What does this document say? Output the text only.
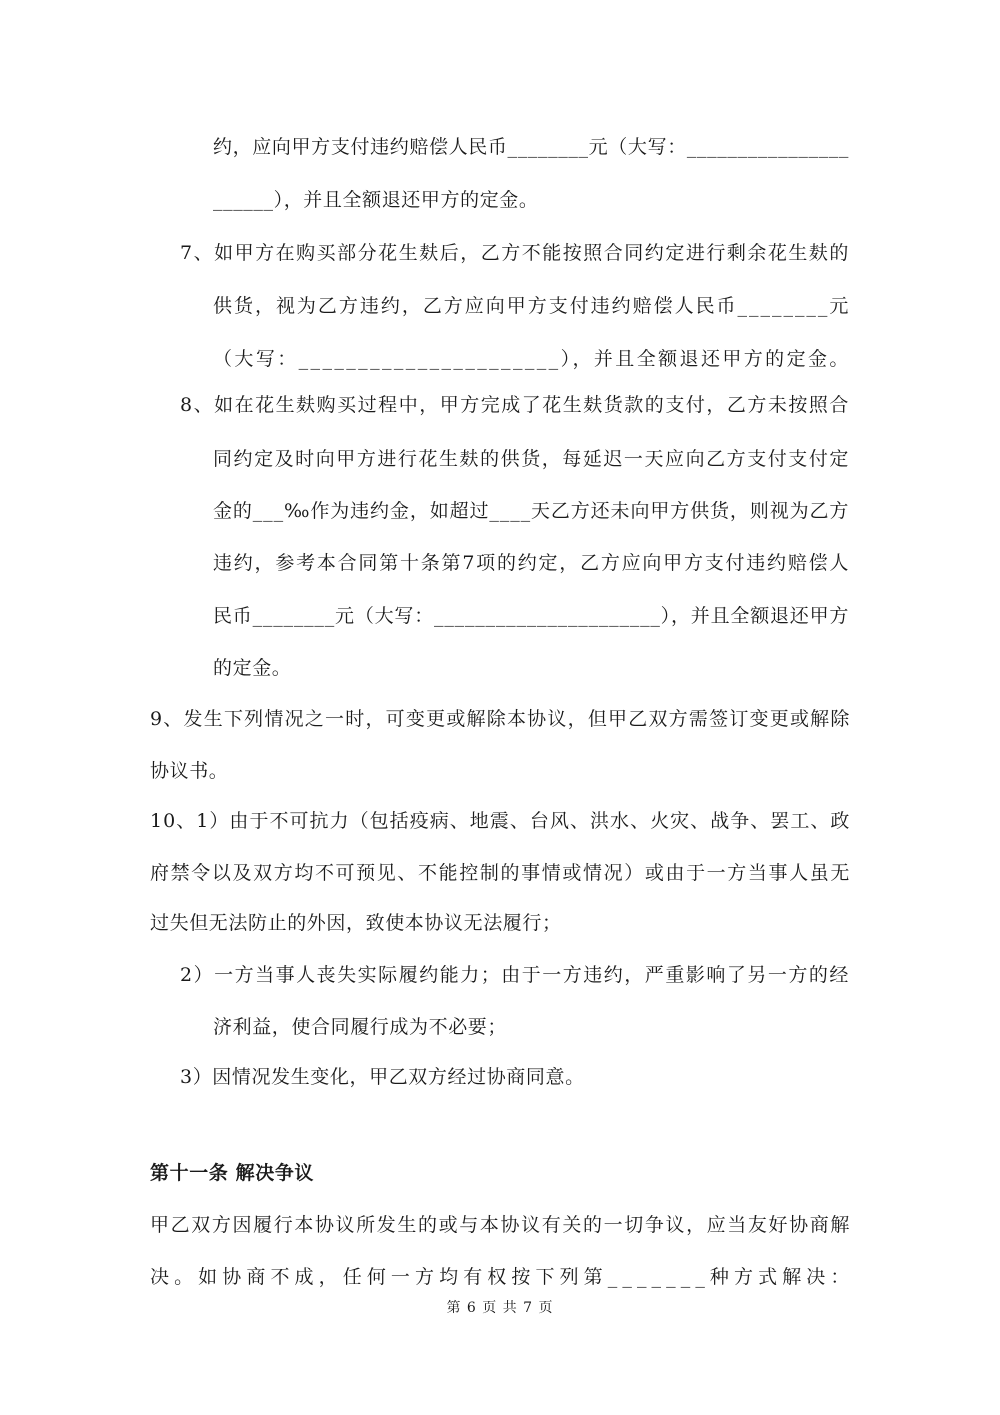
约，应向甲方支付违约赔偿人民币________元（大写：________________
______），并且全额退还甲方的定金。
7、如甲方在购买部分花生麸后，乙方不能按照合同约定进行剩余花生麸的
供货，视为乙方违约，乙方应向甲方支付违约赔偿人民币________元
（大写：______________________），并且全额退还甲方的定金。
8、如在花生麸购买过程中，甲方完成了花生麸货款的支付，乙方未按照合
同约定及时向甲方进行花生麸的供货，每延迟一天应向乙方支付支付定
金的___‰作为违约金，如超过____天乙方还未向甲方供货，则视为乙方
违约，参考本合同第十条第7项的约定，乙方应向甲方支付违约赔偿人
民币________元（大写：______________________），并且全额退还甲方
的定金。
9、发生下列情况之一时，可变更或解除本协议，但甲乙双方需签订变更或解除
协议书。
10、1）由于不可抗力（包括疫病、地震、台风、洪水、火灾、战争、罢工、政
府禁令以及双方均不可预见、不能控制的事情或情况）或由于一方当事人虽无
过失但无法防止的外因，致使本协议无法履行；
2）一方当事人丧失实际履约能力；由于一方违约，严重影响了另一方的经
济利益，使合同履行成为不必要；
3）因情况发生变化，甲乙双方经过协商同意。
第十一条 解决争议
甲乙双方因履行本协议所发生的或与本协议有关的一切争议，应当友好协商解
决。如协商不成，任何一方均有权按下列第_______种方式解决：
第 6 页 共 7 页
